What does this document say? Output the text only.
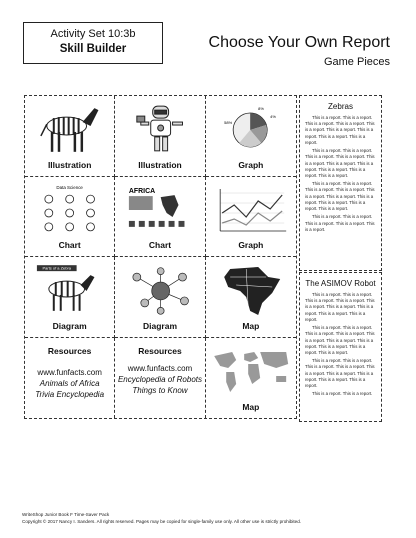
Activity Set 10:3b
Skill Builder	Choose Your Own Report
Game Pieces
Illustration	Illustration
8%
4%
58%
Graph
Data Science
Chart
AFRICA
Chart	Graph
Parts of a Zebra
Diagram	Diagram	Map
Resources
www.funfacts.com
Animals of Africa
Trivia Encyclopedia
Resources
www.funfacts.com
Encyclopedia of Robots
Things to Know
Map
Zebras

This is a report. This is a report. This is a report. This is a report. This is a report. This is a report. This is a report. This is a report. This is a report.

This is a report. This is a report. This is a report. This is a report. This is a report. This is a report. This is a report. This is a report. This is a report. This is a report.

This is a report. This is a report. This is a report. This is a report. This is a report. This is a report. This is a report. This is a report. This is a report. This is a report.

This is a report. This is a report. This is a report. This is a report. This is a report.

The ASIMOV Robot

This is a report. This is a report. This is a report. This is a report. This is a report. This is a report. This is a report. This is a report. This is a report.

This is a report. This is a report. This is a report. This is a report. This is a report. This is a report. This is a report. This is a report. This is a report. This is a report.

This is a report. This is a report. This is a report. This is a report. This is a report. This is a report. This is a report. This is a report. This is a report.

This is a report. This is a report.

WriteShop Junior Book F Time-Saver Pack
Copyright © 2017 Nancy I. Sanders. All rights reserved. Pages may be copied for single-family use only. All other use is strictly prohibited.
